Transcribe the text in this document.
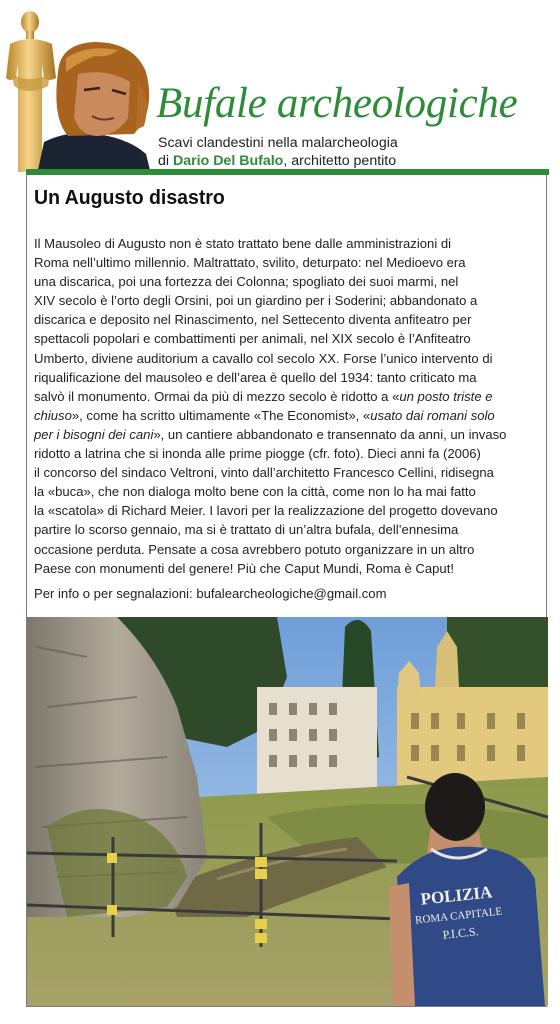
Bufale archeologiche
Scavi clandestini nella malarcheologia
di Dario Del Bufalo, architetto pentito
Un Augusto disastro

Il Mausoleo di Augusto non è stato trattato bene dalle amministrazioni di
Roma nell’ultimo millennio. Maltrattato, svilito, deturpato: nel Medioevo era
una discarica, poi una fortezza dei Colonna; spogliato dei suoi marmi, nel
XIV secolo è l’orto degli Orsini, poi un giardino per i Soderini; abbandonato a
discarica e deposito nel Rinascimento, nel Settecento diventa anfiteatro per
spettacoli popolari e combattimenti per animali, nel XIX secolo è l’Anfiteatro
Umberto, diviene auditorium a cavallo col secolo XX. Forse l’unico intervento di
riqualificazione del mausoleo e dell’area è quello del 1934: tanto criticato ma
salvò il monumento. Ormai da più di mezzo secolo è ridotto a «un posto triste e
chiuso», come ha scritto ultimamente «The Economist», «usato dai romani solo
per i bisogni dei cani», un cantiere abbandonato e transennato da anni, un invaso
ridotto a latrina che si inonda alle prime piogge (cfr. foto). Dieci anni fa (2006)
il concorso del sindaco Veltroni, vinto dall’architetto Francesco Cellini, ridisegna
la «buca», che non dialoga molto bene con la città, come non lo ha mai fatto
la «scatola» di Richard Meier. I lavori per la realizzazione del progetto dovevano
partire lo scorso gennaio, ma si è trattato di un’altra bufala, dell’ennesima
occasione perduta. Pensate a cosa avrebbero potuto organizzare in un altro
Paese con monumenti del genere! Più che Caput Mundi, Roma è Caput!

Per info o per segnalazioni: bufalearcheologiche@gmail.com
POLIZIA
ROMA CAPITALE
P.I.C.S.
